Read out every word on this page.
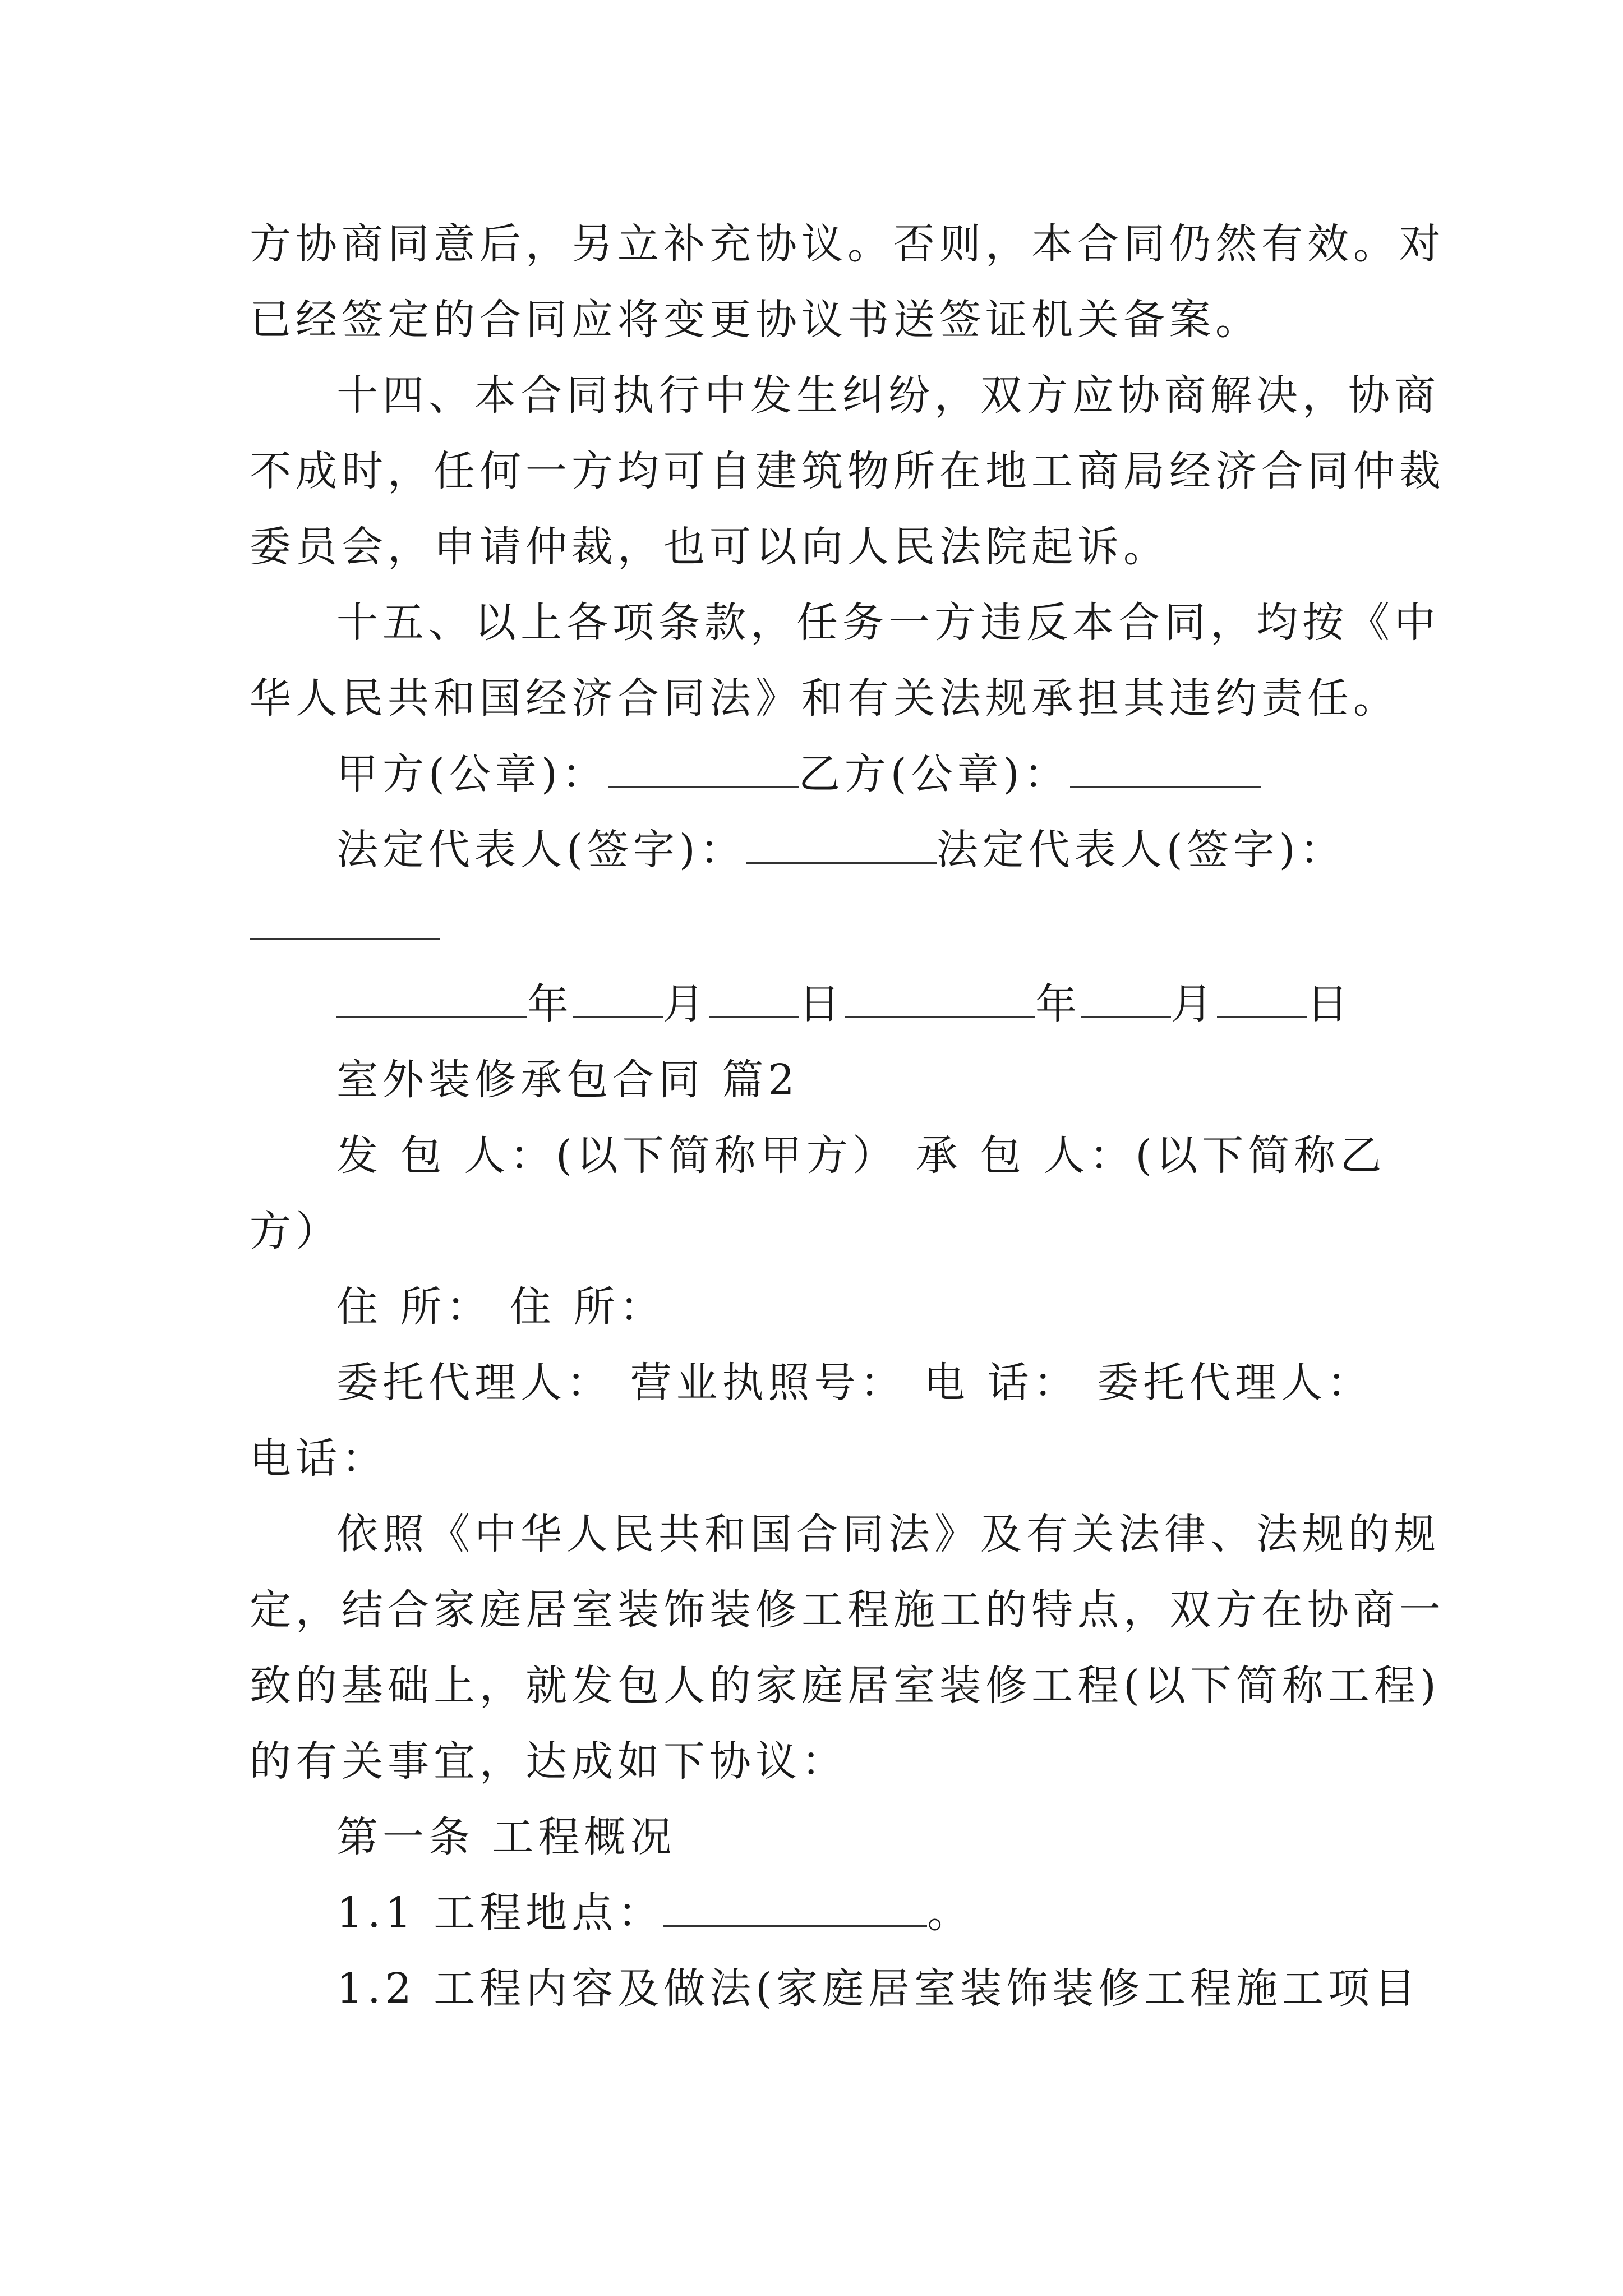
方协商同意后，另立补充协议。否则，本合同仍然有效。对
已经签定的合同应将变更协议书送签证机关备案。
十四、本合同执行中发生纠纷，双方应协商解决，协商
不成时，任何一方均可自建筑物所在地工商局经济合同仲裁
委员会，申请仲裁，也可以向人民法院起诉。
十五、以上各项条款，任务一方违反本合同，均按《中
华人民共和国经济合同法》和有关法规承担其违约责任。
甲方(公章)：	乙方(公章)：
法定代表人(签字)：	法定代表人(签字)：
年 月 日	年 月 日
室外装修承包合同 篇2
发 包 人：(以下简称甲方） 承 包 人：(以下简称乙
方）
住 所： 住 所：
委托代理人： 营业执照号： 电 话： 委托代理人：
电话：
依照《中华人民共和国合同法》及有关法律、法规的规
定，结合家庭居室装饰装修工程施工的特点，双方在协商一
致的基础上，就发包人的家庭居室装修工程(以下简称工程)
的有关事宜，达成如下协议：
第一条 工程概况
1.1 工程地点：	。
1.2 工程内容及做法(家庭居室装饰装修工程施工项目
